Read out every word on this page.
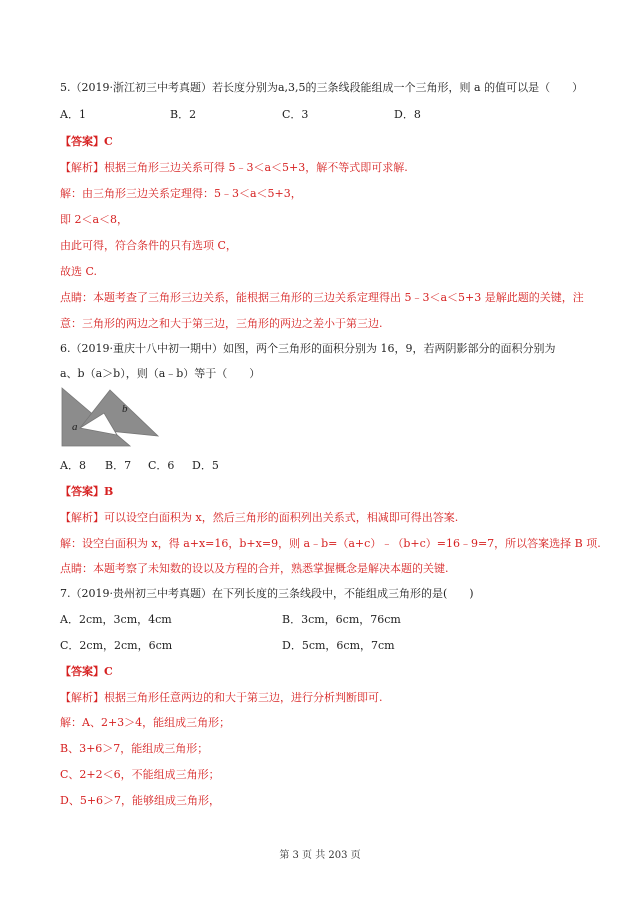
5.（2019·浙江初三中考真题）若长度分别为a,3,5的三条线段能组成一个三角形，则 a 的值可以是（　　）
A．1	B．2	C．3	D．8
【答案】C
【解析】根据三角形三边关系可得 5﹣3＜a＜5+3，解不等式即可求解.
解：由三角形三边关系定理得：5﹣3＜a＜5+3，
即 2＜a＜8，
由此可得，符合条件的只有选项 C，
故选 C.
点睛：本题考查了三角形三边关系，能根据三角形的三边关系定理得出 5﹣3＜a＜5+3 是解此题的关键，注
意：三角形的两边之和大于第三边，三角形的两边之差小于第三边.
6.（2019·重庆十八中初一期中）如图，两个三角形的面积分别为 16，9，若两阴影部分的面积分别为
a、b（a＞b），则（a﹣b）等于（　　）
a
b
A．8 B．7 C．6 D．5
【答案】B
【解析】可以设空白面积为 x，然后三角形的面积列出关系式，相减即可得出答案.
解：设空白面积为 x，得 a+x=16，b+x=9，则 a﹣b=（a+c）﹣（b+c）=16﹣9=7，所以答案选择 B 项.
点睛：本题考察了未知数的设以及方程的合并，熟悉掌握概念是解决本题的关键.
7.（2019·贵州初三中考真题）在下列长度的三条线段中，不能组成三角形的是(　　)
A．2cm，3cm，4cm	B．3cm，6cm，76cm
C．2cm，2cm，6cm	D．5cm，6cm，7cm
【答案】C
【解析】根据三角形任意两边的和大于第三边，进行分析判断即可.
解：A、2+3＞4，能组成三角形；
B、3+6＞7，能组成三角形；
C、2+2＜6，不能组成三角形；
D、5+6＞7，能够组成三角形，
第 3 页 共 203 页
